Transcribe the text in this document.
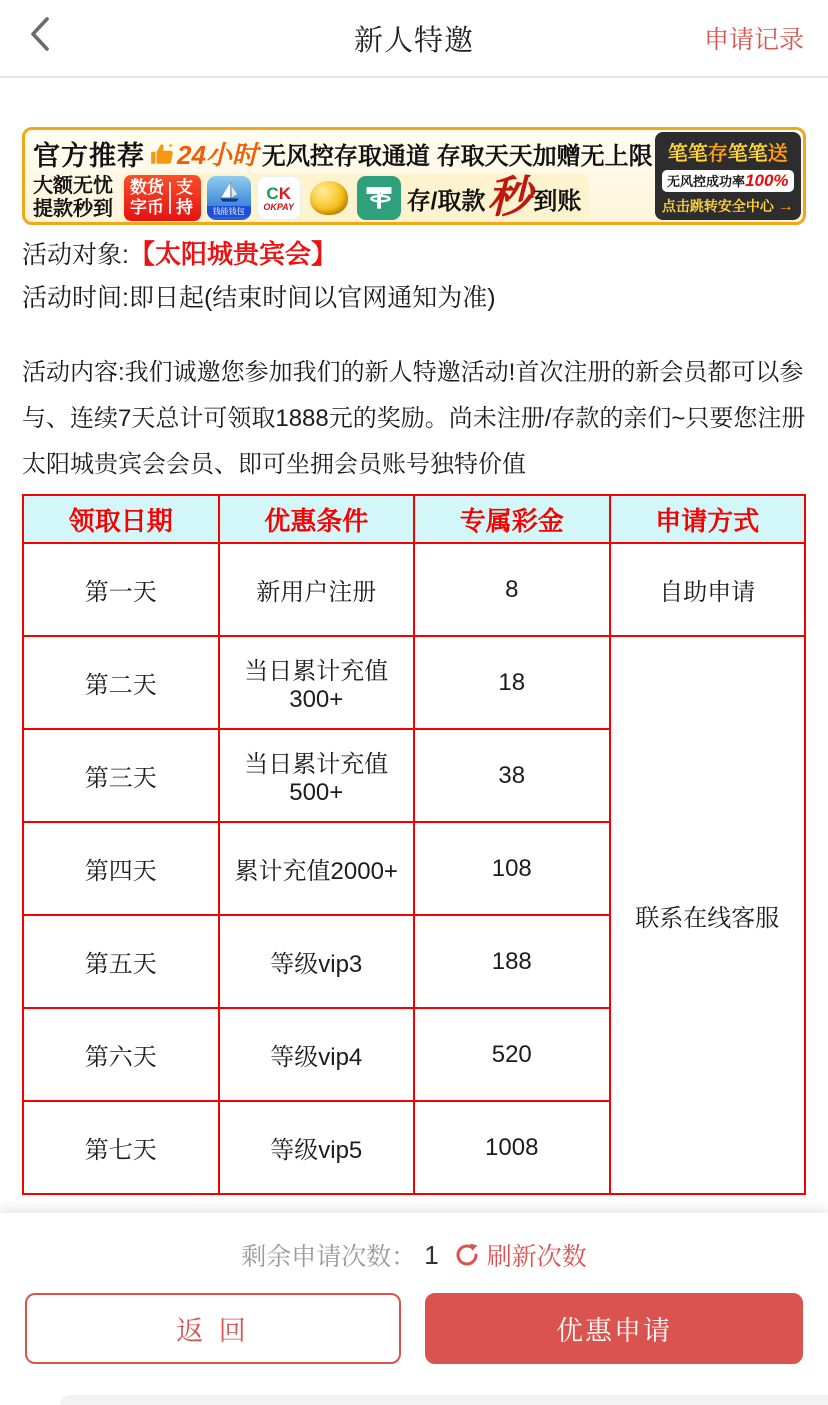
新人特邀	申请记录
官方推荐 24小时 无风控存取通道 存取天天加赠无上限
大额无忧
提款秒到
数货
字币
支持	钱能钱包
CK
OKPAY	存/取款 秒 到账
笔笔存笔笔送
无风控成功率 100%
点击跳转安全中心 →
活动对象:【太阳城贵宾会】
活动时间:即日起(结束时间以官网通知为准)
活动内容:我们诚邀您参加我们的新人特邀活动!首次注册的新会员都可以参与、连续7天总计可领取1888元的奖励。尚未注册/存款的亲们~只要您注册太阳城贵宾会会员、即可坐拥会员账号独特价值
领取日期	优惠条件	专属彩金	申请方式
第一天	新用户注册	8	自助申请
第二天	当日累计充值300+	18	联系在线客服
第三天	当日累计充值500+	38	
第四天	累计充值2000+	108	
第五天	等级vip3	188	
第六天	等级vip4	520	
第七天	等级vip5	1008	
剩余申请次数： 1 刷新次数
返 回	优惠申请
